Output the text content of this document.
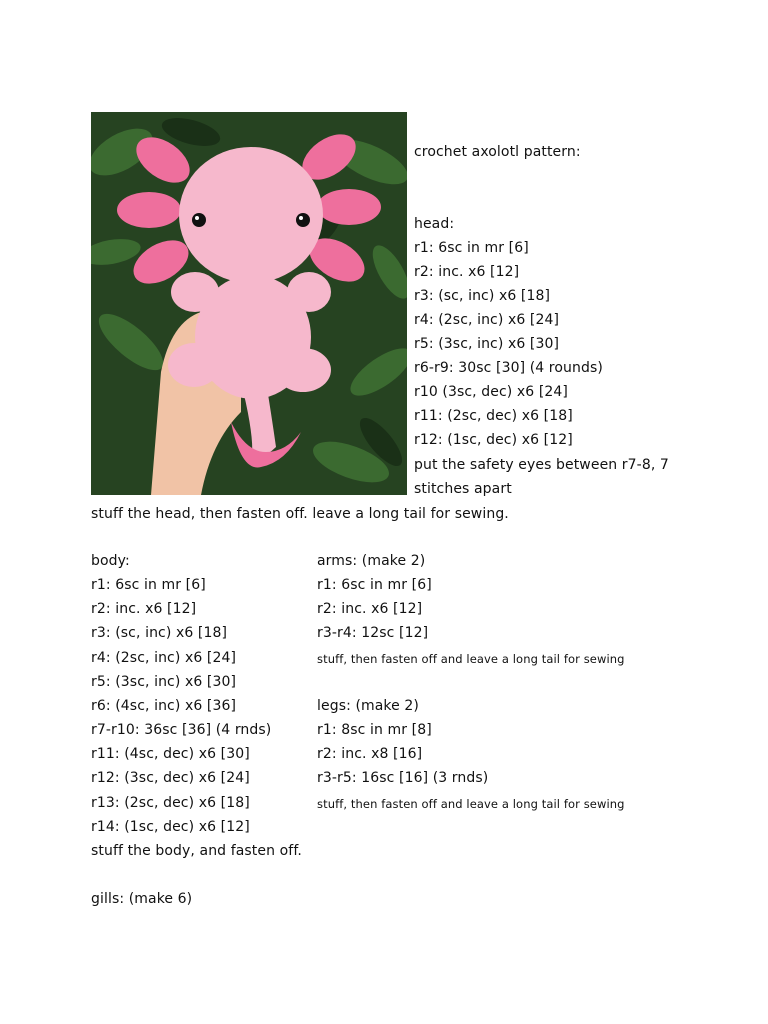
crochet axolotl pattern:
head:
r1: 6sc in mr [6]
r2: inc. x6 [12]
r3: (sc, inc) x6 [18]
r4: (2sc, inc) x6 [24]
r5: (3sc, inc) x6 [30]
r6-r9: 30sc [30] (4 rounds)
r10 (3sc, dec) x6 [24]
r11: (2sc, dec) x6 [18]
r12: (1sc, dec) x6 [12]
put the safety eyes between r7-8, 7
stitches apart
stuff the head, then fasten off. leave a long tail for sewing.
body:
r1: 6sc in mr [6]
r2: inc. x6 [12]
r3: (sc, inc) x6 [18]
r4: (2sc, inc) x6 [24]
r5: (3sc, inc) x6 [30]
r6: (4sc, inc) x6 [36]
r7-r10: 36sc [36] (4 rnds)
r11: (4sc, dec) x6 [30]
r12: (3sc, dec) x6 [24]
r13: (2sc, dec) x6 [18]
r14: (1sc, dec) x6 [12]
stuff the body, and fasten off.
arms: (make 2)
r1: 6sc in mr [6]
r2: inc. x6 [12]
r3-r4: 12sc [12]
stuff, then fasten off and leave a long tail for sewing
legs: (make 2)
r1: 8sc in mr [8]
r2: inc. x8 [16]
r3-r5: 16sc [16] (3 rnds)
stuff, then fasten off and leave a long tail for sewing
gills: (make 6)
